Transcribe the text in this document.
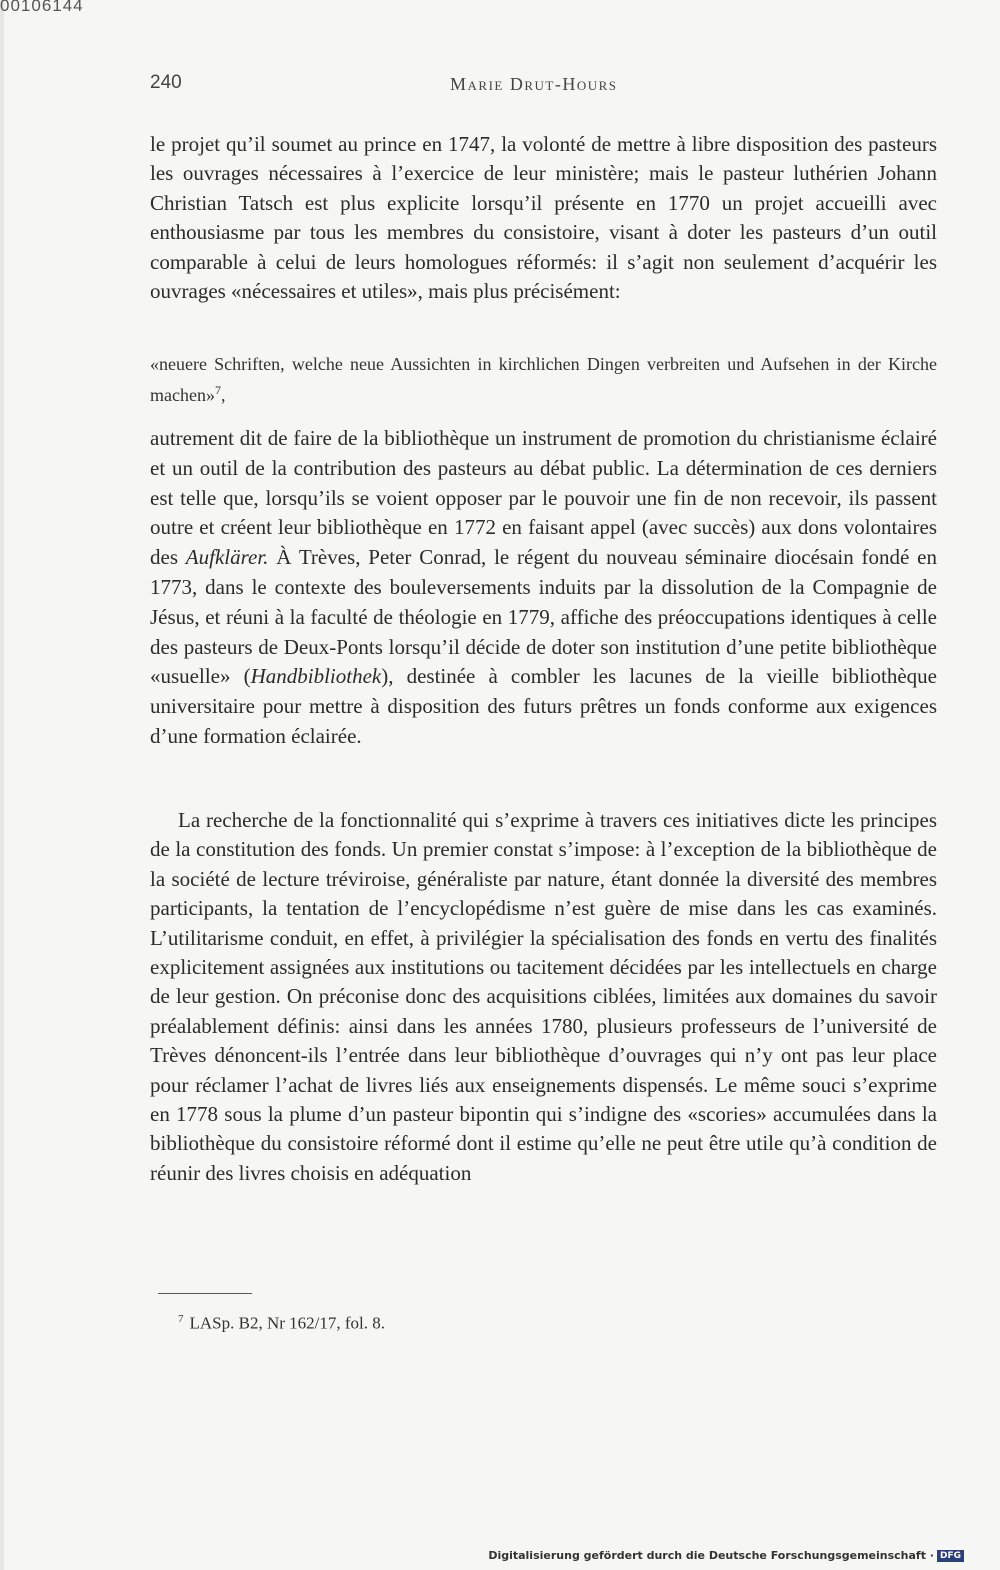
00106144
240	Marie Drut-Hours

le projet qu’il soumet au prince en 1747, la volonté de mettre à libre disposition des pasteurs les ouvrages nécessaires à l’exercice de leur ministère; mais le pasteur luthérien Johann Christian Tatsch est plus explicite lorsqu’il présente en 1770 un projet accueilli avec enthousiasme par tous les membres du consistoire, visant à doter les pasteurs d’un outil comparable à celui de leurs homologues réformés: il s’agit non seulement d’acquérir les ouvrages «nécessaires et utiles», mais plus précisément:

«neuere Schriften, welche neue Aussichten in kirchlichen Dingen verbreiten und Aufsehen in der Kirche machen»$^7$,
autrement dit de faire de la bibliothèque un instrument de promotion du christianisme éclairé et un outil de la contribution des pasteurs au débat public. La détermination de ces derniers est telle que, lorsqu’ils se voient opposer par le pouvoir une fin de non recevoir, ils passent outre et créent leur bibliothèque en 1772 en faisant appel (avec succès) aux dons volontaires des Aufklärer. À Trèves, Peter Conrad, le régent du nouveau séminaire diocésain fondé en 1773, dans le contexte des bouleversements induits par la dissolution de la Compagnie de Jésus, et réuni à la faculté de théologie en 1779, affiche des préoccupations identiques à celle des pasteurs de Deux-Ponts lorsqu’il décide de doter son institution d’une petite bibliothèque «usuelle» (Handbibliothek), destinée à combler les lacunes de la vieille bibliothèque universitaire pour mettre à disposition des futurs prêtres un fonds conforme aux exigences d’une formation éclairée.
La recherche de la fonctionnalité qui s’exprime à travers ces initiatives dicte les principes de la constitution des fonds. Un premier constat s’impose: à l’exception de la bibliothèque de la société de lecture tréviroise, généraliste par nature, étant donnée la diversité des membres participants, la tentation de l’encyclopédisme n’est guère de mise dans les cas examinés. L’utilitarisme conduit, en effet, à privilégier la spécialisation des fonds en vertu des finalités explicitement assignées aux institutions ou tacitement décidées par les intellectuels en charge de leur gestion. On préconise donc des acquisitions ciblées, limitées aux domaines du savoir préalablement définis: ainsi dans les années 1780, plusieurs professeurs de l’université de Trèves dénoncent-ils l’entrée dans leur bibliothèque d’ouvrages qui n’y ont pas leur place pour réclamer l’achat de livres liés aux enseignements dispensés. Le même souci s’exprime en 1778 sous la plume d’un pasteur bipontin qui s’indigne des «scories» accumulées dans la bibliothèque du consistoire réformé dont il estime qu’elle ne peut être utile qu’à condition de réunir des livres choisis en adéquation
$^7$ LASp. B2, Nr 162/17, fol. 8.
Digitalisierung gefördert durch die Deutsche Forschungsgemeinschaft · DFG
